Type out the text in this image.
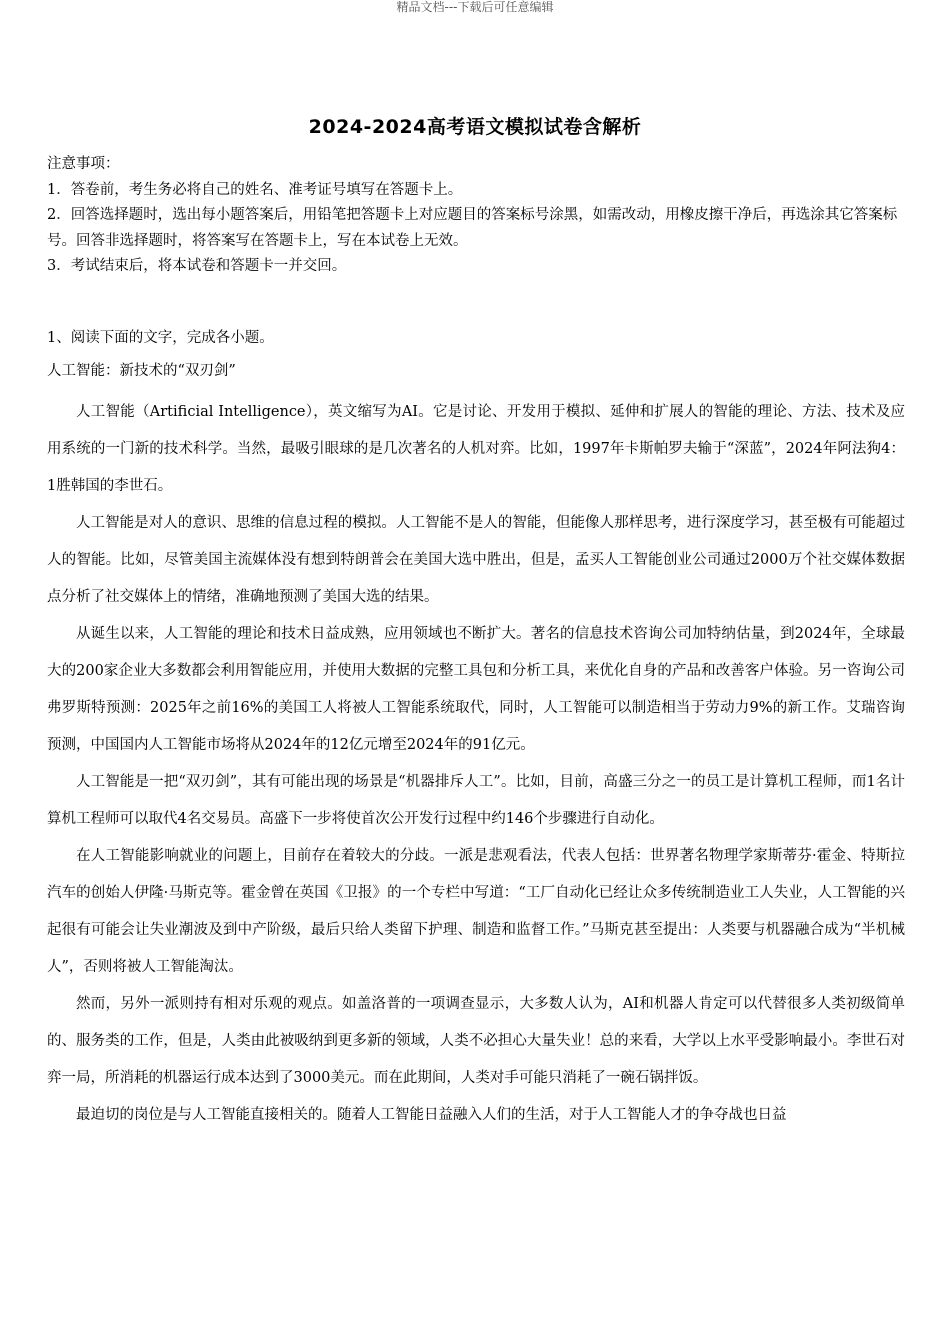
精品文档---下载后可任意编辑
2024-2024高考语文模拟试卷含解析

注意事项：

1．答卷前，考生务必将自己的姓名、准考证号填写在答题卡上。

2．回答选择题时，选出每小题答案后，用铅笔把答题卡上对应题目的答案标号涂黑，如需改动，用橡皮擦干净后，再选涂其它答案标号。回答非选择题时，将答案写在答题卡上，写在本试卷上无效。

3．考试结束后，将本试卷和答题卡一并交回。

1、阅读下面的文字，完成各小题。

人工智能：新技术的“双刃剑”

人工智能（Artificial Intelligence），英文缩写为AI。它是讨论、开发用于模拟、延伸和扩展人的智能的理论、方法、技术及应用系统的一门新的技术科学。当然，最吸引眼球的是几次著名的人机对弈。比如，1997年卡斯帕罗夫输于“深蓝”，2024年阿法狗4：1胜韩国的李世石。

人工智能是对人的意识、思维的信息过程的模拟。人工智能不是人的智能，但能像人那样思考，进行深度学习，甚至极有可能超过人的智能。比如，尽管美国主流媒体没有想到特朗普会在美国大选中胜出，但是，孟买人工智能创业公司通过2000万个社交媒体数据点分析了社交媒体上的情绪，准确地预测了美国大选的结果。

从诞生以来，人工智能的理论和技术日益成熟，应用领域也不断扩大。著名的信息技术咨询公司加特纳估量，到2024年，全球最大的200家企业大多数都会利用智能应用，并使用大数据的完整工具包和分析工具，来优化自身的产品和改善客户体验。另一咨询公司弗罗斯特预测：2025年之前16%的美国工人将被人工智能系统取代，同时，人工智能可以制造相当于劳动力9%的新工作。艾瑞咨询预测，中国国内人工智能市场将从2024年的12亿元增至2024年的91亿元。

人工智能是一把“双刃剑”，其有可能出现的场景是“机器排斥人工”。比如，目前，高盛三分之一的员工是计算机工程师，而1名计算机工程师可以取代4名交易员。高盛下一步将使首次公开发行过程中约146个步骤进行自动化。

在人工智能影响就业的问题上，目前存在着较大的分歧。一派是悲观看法，代表人包括：世界著名物理学家斯蒂芬·霍金、特斯拉汽车的创始人伊隆·马斯克等。霍金曾在英国《卫报》的一个专栏中写道：“工厂自动化已经让众多传统制造业工人失业，人工智能的兴起很有可能会让失业潮波及到中产阶级，最后只给人类留下护理、制造和监督工作。”马斯克甚至提出：人类要与机器融合成为“半机械人”，否则将被人工智能淘汰。

然而，另外一派则持有相对乐观的观点。如盖洛普的一项调查显示，大多数人认为，AI和机器人肯定可以代替很多人类初级简单的、服务类的工作，但是，人类由此被吸纳到更多新的领域，人类不必担心大量失业！总的来看，大学以上水平受影响最小。李世石对弈一局，所消耗的机器运行成本达到了3000美元。而在此期间，人类对手可能只消耗了一碗石锅拌饭。

最迫切的岗位是与人工智能直接相关的。随着人工智能日益融入人们的生活，对于人工智能人才的争夺战也日益
